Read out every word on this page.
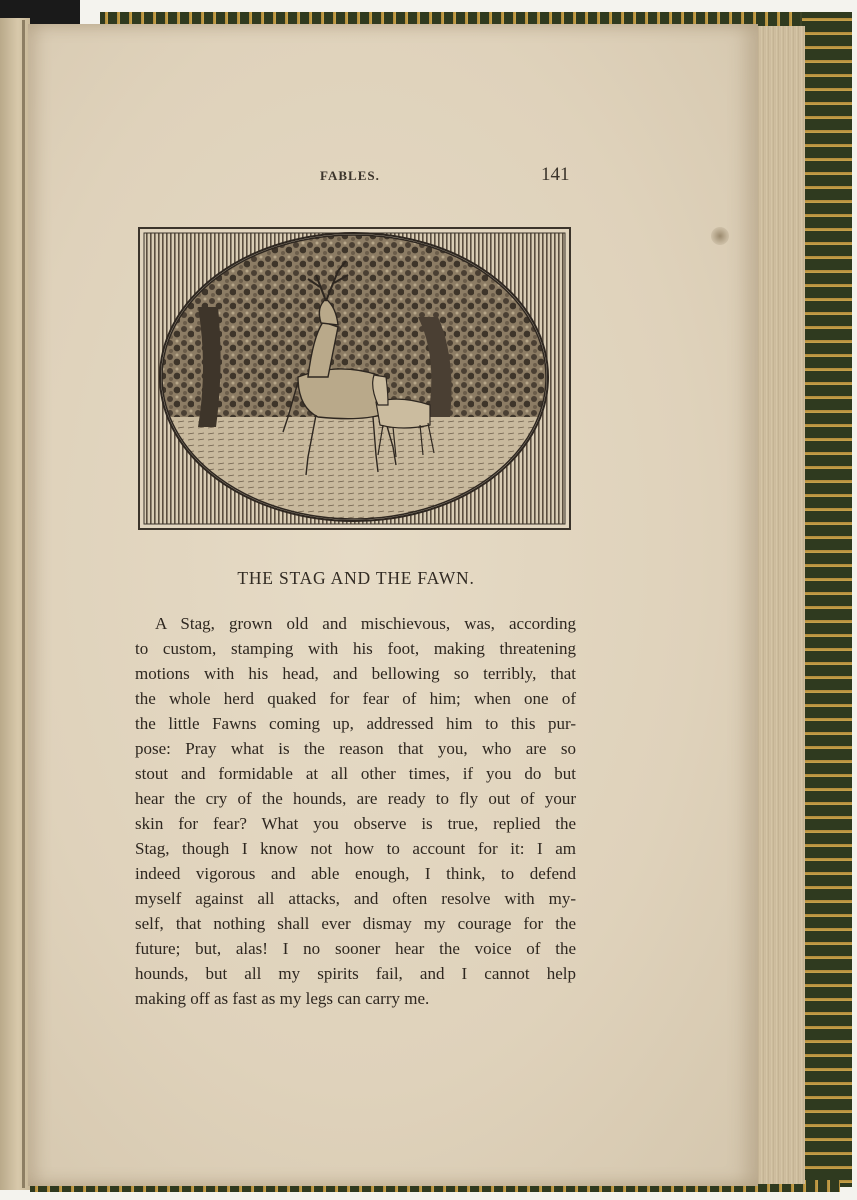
FABLES.	141
THE STAG AND THE FAWN.
A Stag, grown old and mischievous, was, according
to custom, stamping with his foot, making threatening
motions with his head, and bellowing so terribly, that
the whole herd quaked for fear of him; when one of
the little Fawns coming up, addressed him to this pur-
pose: Pray what is the reason that you, who are so
stout and formidable at all other times, if you do but
hear the cry of the hounds, are ready to fly out of your
skin for fear? What you observe is true, replied the
Stag, though I know not how to account for it: I am
indeed vigorous and able enough, I think, to defend
myself against all attacks, and often resolve with my-
self, that nothing shall ever dismay my courage for the
future; but, alas! I no sooner hear the voice of the
hounds, but all my spirits fail, and I cannot help
making off as fast as my legs can carry me.
